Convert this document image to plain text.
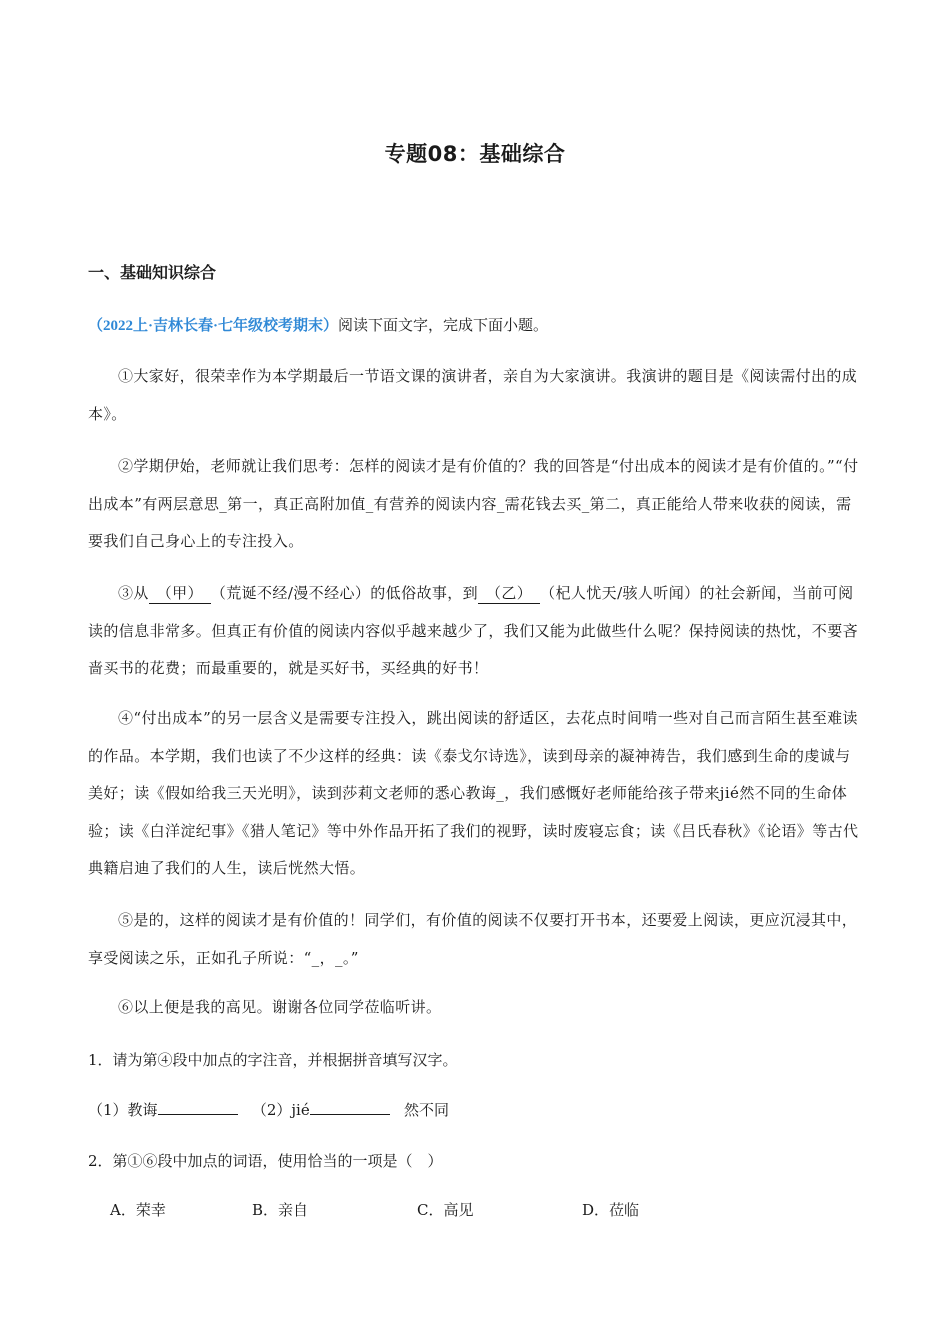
专题08：基础综合
一、基础知识综合
（2022上·吉林长春·七年级校考期末）阅读下面文字，完成下面小题。
①大家好，很荣幸作为本学期最后一节语文课的演讲者，亲自为大家演讲。我演讲的题目是《阅读需付出的成本》。
②学期伊始，老师就让我们思考：怎样的阅读才是有价值的？我的回答是“付出成本的阅读才是有价值的。”“付出成本”有两层意思_第一，真正高附加值_有营养的阅读内容_需花钱去买_第二，真正能给人带来收获的阅读，需要我们自己身心上的专注投入。
③从 （甲） （荒诞不经/漫不经心）的低俗故事，到 （乙） （杞人忧天/骇人听闻）的社会新闻，当前可阅读的信息非常多。但真正有价值的阅读内容似乎越来越少了，我们又能为此做些什么呢？保持阅读的热忱，不要吝啬买书的花费；而最重要的，就是买好书，买经典的好书！
④“付出成本”的另一层含义是需要专注投入，跳出阅读的舒适区，去花点时间啃一些对自己而言陌生甚至难读的作品。本学期，我们也读了不少这样的经典：读《泰戈尔诗选》，读到母亲的凝神祷告，我们感到生命的虔诚与美好；读《假如给我三天光明》，读到莎莉文老师的悉心教诲_，我们感慨好老师能给孩子带来jié然不同的生命体验；读《白洋淀纪事》《猎人笔记》等中外作品开拓了我们的视野，读时废寝忘食；读《吕氏春秋》《论语》等古代典籍启迪了我们的人生，读后恍然大悟。
⑤是的，这样的阅读才是有价值的！同学们，有价值的阅读不仅要打开书本，还要爱上阅读，更应沉浸其中，享受阅读之乐，正如孔子所说：“_，_。”
⑥以上便是我的高见。谢谢各位同学莅临听讲。
1．请为第④段中加点的字注音，并根据拼音填写汉字。
（1）教诲	（2）jié	然不同
2．第①⑥段中加点的词语，使用恰当的一项是（　）
A．荣幸	B．亲自	C．高见	D．莅临
